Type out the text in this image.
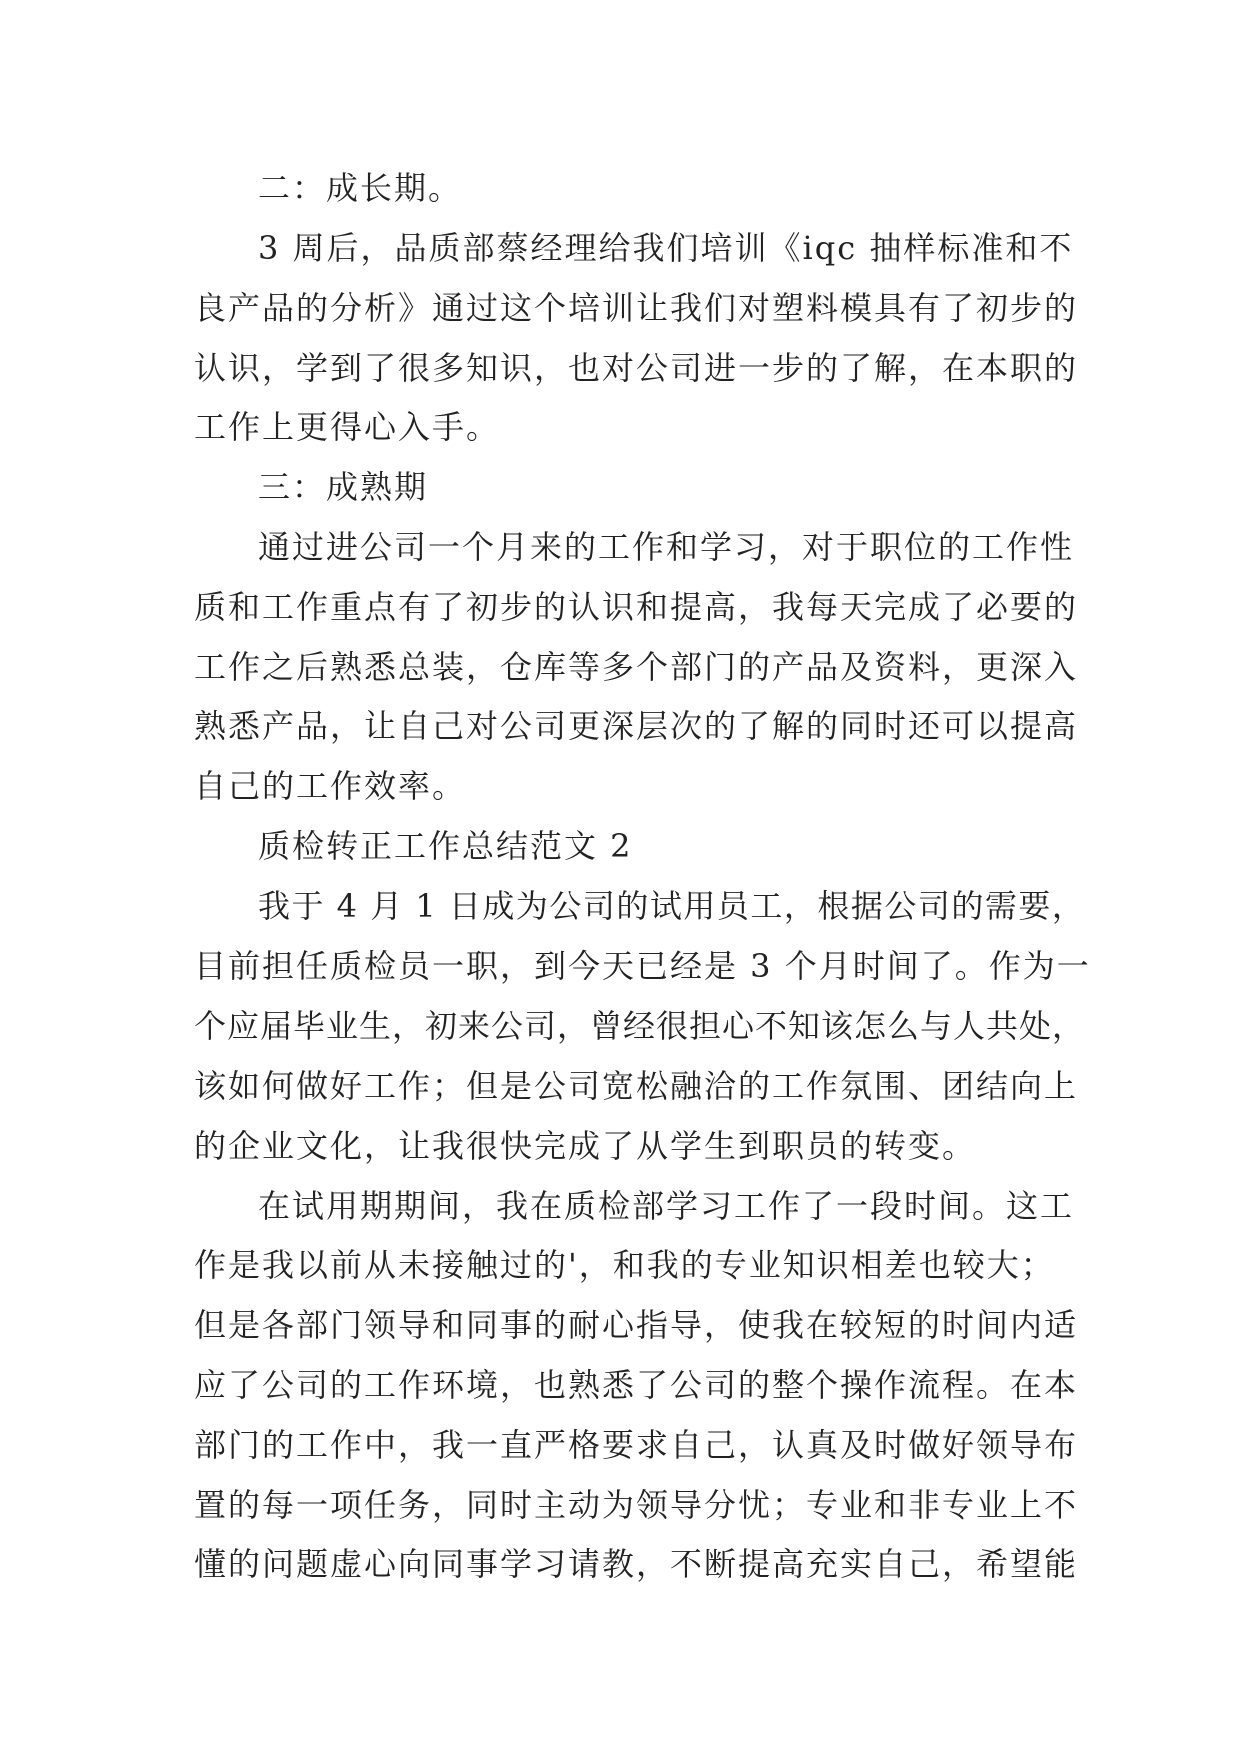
二：成长期。
3 周后，品质部蔡经理给我们培训《iqc 抽样标准和不
良产品的分析》通过这个培训让我们对塑料模具有了初步的
认识，学到了很多知识，也对公司进一步的了解，在本职的
工作上更得心入手。
三：成熟期
通过进公司一个月来的工作和学习，对于职位的工作性
质和工作重点有了初步的认识和提高，我每天完成了必要的
工作之后熟悉总装，仓库等多个部门的产品及资料，更深入
熟悉产品，让自己对公司更深层次的了解的同时还可以提高
自己的工作效率。
质检转正工作总结范文 2
我于 4 月 1 日成为公司的试用员工，根据公司的需要，
目前担任质检员一职，到今天已经是 3 个月时间了。作为一
个应届毕业生，初来公司，曾经很担心不知该怎么与人共处，
该如何做好工作；但是公司宽松融洽的工作氛围、团结向上
的企业文化，让我很快完成了从学生到职员的转变。
在试用期期间，我在质检部学习工作了一段时间。这工
作是我以前从未接触过的'，和我的专业知识相差也较大；
但是各部门领导和同事的耐心指导，使我在较短的时间内适
应了公司的工作环境，也熟悉了公司的整个操作流程。在本
部门的工作中，我一直严格要求自己，认真及时做好领导布
置的每一项任务，同时主动为领导分忧；专业和非专业上不
懂的问题虚心向同事学习请教，不断提高充实自己，希望能
